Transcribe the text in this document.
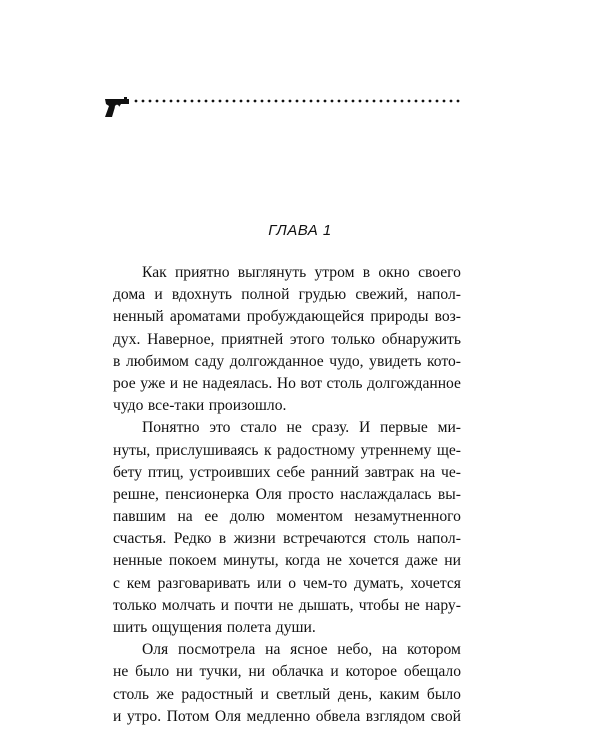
ГЛАВА 1
Как приятно выглянуть утром в окно своего
дома и вдохнуть полной грудью свежий, напол-
ненный ароматами пробуждающейся природы воз-
дух. Наверное, приятней этого только обнаружить
в любимом саду долгожданное чудо, увидеть кото-
рое уже и не надеялась. Но вот столь долгожданное
чудо все-таки произошло.
Понятно это стало не сразу. И первые ми-
нуты, прислушиваясь к радостному утреннему ще-
бету птиц, устроивших себе ранний завтрак на че-
решне, пенсионерка Оля просто наслаждалась вы-
павшим на ее долю моментом незамутненного
счастья. Редко в жизни встречаются столь напол-
ненные покоем минуты, когда не хочется даже ни
с кем разговаривать или о чем-то думать, хочется
только молчать и почти не дышать, чтобы не нару-
шить ощущения полета души.
Оля посмотрела на ясное небо, на котором
не было ни тучки, ни облачка и которое обещало
столь же радостный и светлый день, каким было
и утро. Потом Оля медленно обвела взглядом свой
